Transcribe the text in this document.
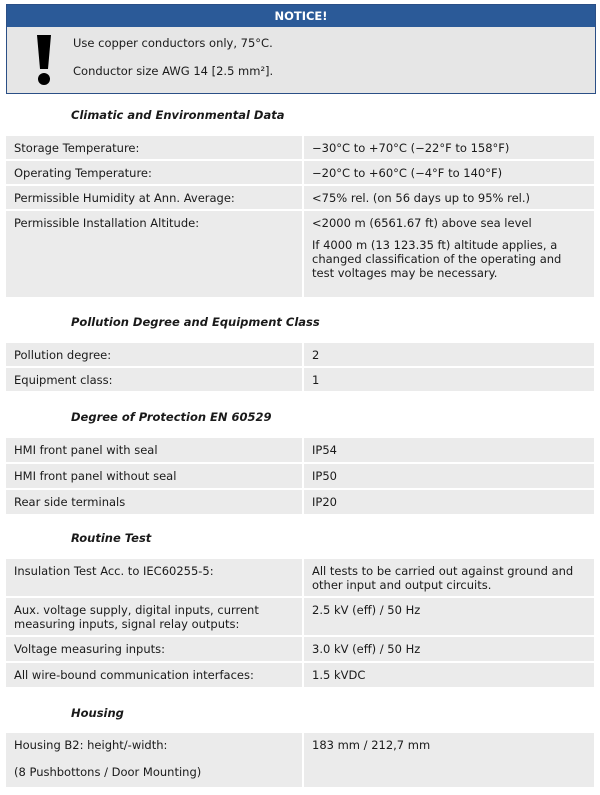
NOTICE!
Use copper conductors only, 75°C.
Conductor size AWG 14 [2.5 mm²].
Climatic and Environmental Data
Storage Temperature:	−30°C to +70°C (−22°F to 158°F)
Operating Temperature:	−20°C to +60°C (−4°F to 140°F)
Permissible Humidity at Ann. Average:	<75% rel. (on 56 days up to 95% rel.)
Permissible Installation Altitude:	<2000 m (6561.67 ft) above sea level
If 4000 m (13 123.35 ft) altitude applies, a changed classification of the operating and test voltages may be necessary.
Pollution Degree and Equipment Class
Pollution degree:	2
Equipment class:	1
Degree of Protection EN 60529
HMI front panel with seal	IP54
HMI front panel without seal	IP50
Rear side terminals	IP20
Routine Test
Insulation Test Acc. to IEC60255-5:	All tests to be carried out against ground and other input and output circuits.
Aux. voltage supply, digital inputs, current measuring inputs, signal relay outputs:	2.5 kV (eff) / 50 Hz
Voltage measuring inputs:	3.0 kV (eff) / 50 Hz
All wire-bound communication interfaces:	1.5 kVDC
Housing
Housing B2: height/-width:
(8 Pushbottons / Door Mounting)
	183 mm / 212,7 mm
